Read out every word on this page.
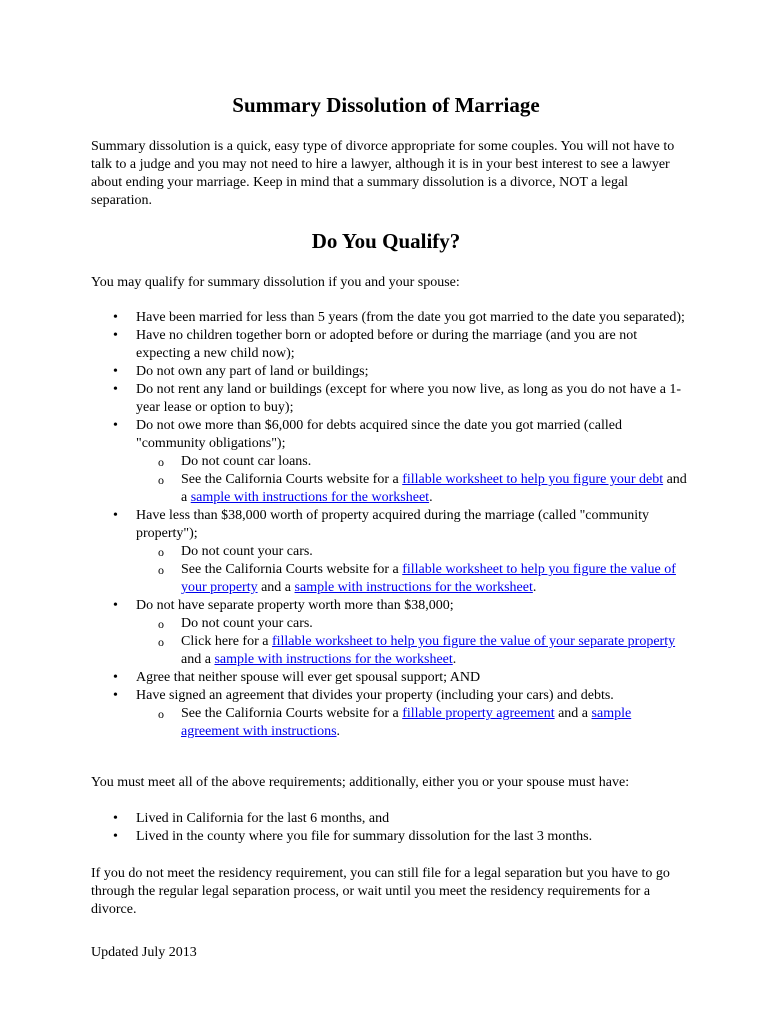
Summary Dissolution of Marriage

Summary dissolution is a quick, easy type of divorce appropriate for some couples. You will not have to talk to a judge and you may not need to hire a lawyer, although it is in your best interest to see a lawyer about ending your marriage. Keep in mind that a summary dissolution is a divorce, NOT a legal separation.

Do You Qualify?

You may qualify for summary dissolution if you and your spouse:

• Have been married for less than 5 years (from the date you got married to the date you separated);
• Have no children together born or adopted before or during the marriage (and you are not expecting a new child now);
• Do not own any part of land or buildings;
• Do not rent any land or buildings (except for where you now live, as long as you do not have a 1-year lease or option to buy);
• Do not owe more than $6,000 for debts acquired since the date you got married (called "community obligations");
o Do not count car loans.
o See the California Courts website for a fillable worksheet to help you figure your debt and a sample with instructions for the worksheet.
• Have less than $38,000 worth of property acquired during the marriage (called "community property");
o Do not count your cars.
o See the California Courts website for a fillable worksheet to help you figure the value of your property and a sample with instructions for the worksheet.
• Do not have separate property worth more than $38,000;
o Do not count your cars.
o Click here for a fillable worksheet to help you figure the value of your separate property and a sample with instructions for the worksheet.
• Agree that neither spouse will ever get spousal support; AND
• Have signed an agreement that divides your property (including your cars) and debts.
o See the California Courts website for a fillable property agreement and a sample agreement with instructions.

You must meet all of the above requirements; additionally, either you or your spouse must have:

• Lived in California for the last 6 months, and
• Lived in the county where you file for summary dissolution for the last 3 months.

If you do not meet the residency requirement, you can still file for a legal separation but you have to go through the regular legal separation process, or wait until you meet the residency requirements for a divorce.

Updated July 2013
